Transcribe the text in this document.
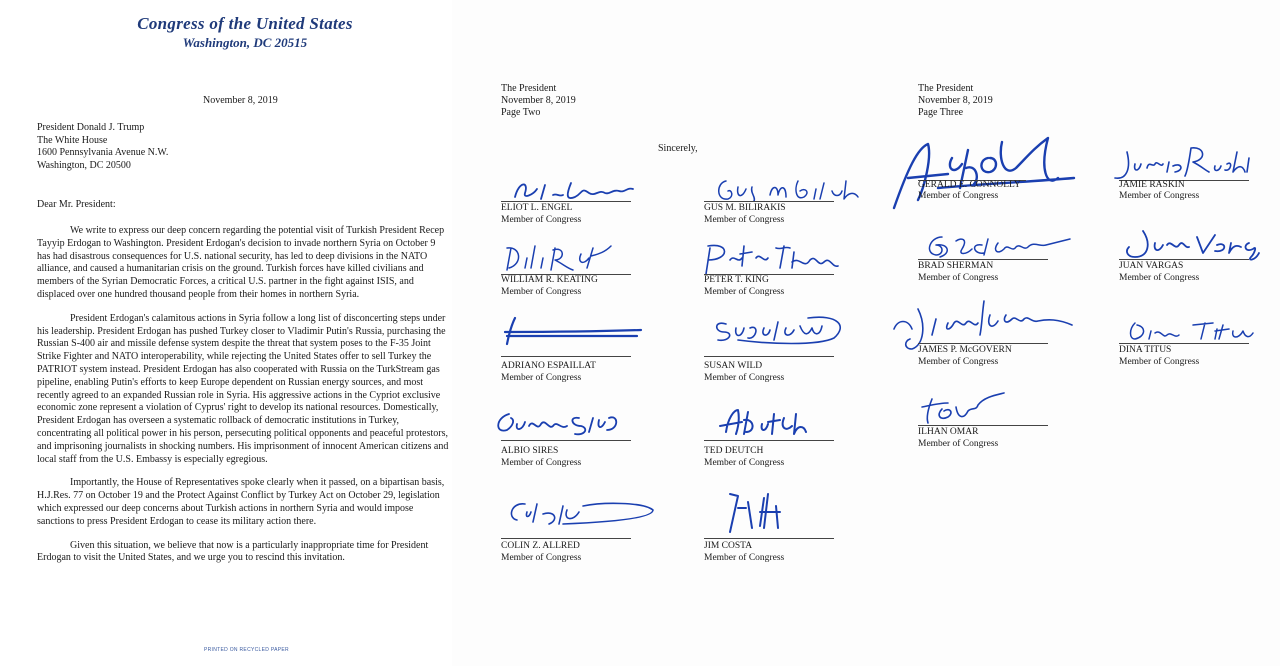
Congress of the United States
Washington, DC 20515
November 8, 2019
President Donald J. Trump
The White House
1600 Pennsylvania Avenue N.W.
Washington, DC 20500
Dear Mr. President:

We write to express our deep concern regarding the potential visit of Turkish President Recep Tayyip Erdogan to Washington. President Erdogan's decision to invade northern Syria on October 9 has had disastrous consequences for U.S. national security, has led to deep divisions in the NATO alliance, and caused a humanitarian crisis on the ground. Turkish forces have killed civilians and members of the Syrian Democratic Forces, a critical U.S. partner in the fight against ISIS, and displaced over one hundred thousand people from their homes in northern Syria.

President Erdogan's calamitous actions in Syria follow a long list of disconcerting steps under his leadership. President Erdogan has pushed Turkey closer to Vladimir Putin's Russia, purchasing the Russian S-400 air and missile defense system despite the threat that system poses to the F-35 Joint Strike Fighter and NATO interoperability, while rejecting the United States offer to sell Turkey the PATRIOT system instead. President Erdogan has also cooperated with Russia on the TurkStream gas pipeline, enabling Putin's efforts to keep Europe dependent on Russian energy sources, and most recently agreed to an expanded Russian role in Syria. His aggressive actions in the Cypriot exclusive economic zone represent a violation of Cyprus' right to develop its national resources. Domestically, President Erdogan has overseen a systematic rollback of democratic institutions in Turkey, concentrating all political power in his person, persecuting political opponents and peaceful protestors, and imprisoning journalists in shocking numbers. His imprisonment of innocent American citizens and local staff from the U.S. Embassy is especially egregious.

Importantly, the House of Representatives spoke clearly when it passed, on a bipartisan basis, H.J.Res. 77 on October 19 and the Protect Against Conflict by Turkey Act on October 29, legislation which expressed our deep concerns about Turkish actions in northern Syria and would impose sanctions to press President Erdogan to cease its military action there.

Given this situation, we believe that now is a particularly inappropriate time for President Erdogan to visit the United States, and we urge you to rescind this invitation.

PRINTED ON RECYCLED PAPER
The President
November 8, 2019
Page Two
Sincerely,
The President
November 8, 2019
Page Three
ELIOT L. ENGEL
Member of Congress
GUS M. BILIRAKIS
Member of Congress
WILLIAM R. KEATING
Member of Congress
PETER T. KING
Member of Congress
ADRIANO ESPAILLAT
Member of Congress
SUSAN WILD
Member of Congress
ALBIO SIRES
Member of Congress
TED DEUTCH
Member of Congress
COLIN Z. ALLRED
Member of Congress
JIM COSTA
Member of Congress
GERALD E. CONNOLLY
Member of Congress
JAMIE RASKIN
Member of Congress
BRAD SHERMAN
Member of Congress
JUAN VARGAS
Member of Congress
JAMES P. McGOVERN
Member of Congress
DINA TITUS
Member of Congress
ILHAN OMAR
Member of Congress
